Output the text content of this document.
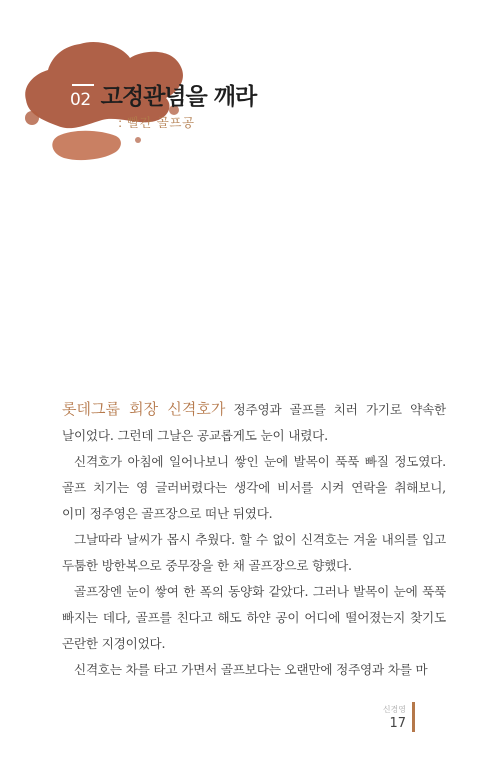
02 고정관념을 깨라
: 빨간 골프공

롯데그룹 회장 신격호가 정주영과 골프를 치러 가기로 약속한 날이었다. 그런데 그날은 공교롭게도 눈이 내렸다.

신격호가 아침에 일어나보니 쌓인 눈에 발목이 푹푹 빠질 정도였다. 골프 치기는 영 글러버렸다는 생각에 비서를 시켜 연락을 취해보니, 이미 정주영은 골프장으로 떠난 뒤였다.

그날따라 날씨가 몹시 추웠다. 할 수 없이 신격호는 겨울 내의를 입고 두툼한 방한복으로 중무장을 한 채 골프장으로 향했다.

골프장엔 눈이 쌓여 한 폭의 동양화 같았다. 그러나 발목이 눈에 푹푹 빠지는 데다, 골프를 친다고 해도 하얀 공이 어디에 떨어졌는지 찾기도 곤란한 지경이었다.

신격호는 차를 타고 가면서 골프보다는 오랜만에 정주영과 차를 마

신경영
17
